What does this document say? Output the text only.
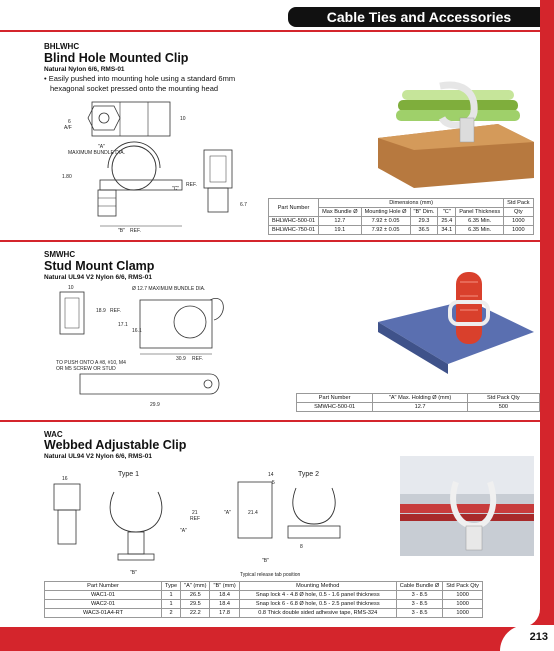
Cable Ties and Accessories
BHLWHC
Blind Hole Mounted Clip
Natural Nylon 6/6, RMS-01
• Easily pushed into mounting hole using a standard 6mm
hexagonal socket pressed onto the mounting head
6
A/F
10
"A"
MAXIMUM BUNDLE DIA.
1.80
"C"
REF.
"B" REF.
6.7	Part Number	Dimensions (mm)					Std Pack
	Max Bundle Ø	Mounting Hole Ø	"B" Dim.	"C"	Panel Thickness	Qty
BHLWHC-500-01	12.7	7.92 ± 0.05	29.3	25.4	6.35 Min.	1000
BHLWHC-750-01	19.1	7.92 ± 0.05	36.5	34.1	6.35 Min.	1000
SMWHC
Stud Mount Clamp
Natural UL94 V2 Nylon 6/6, RMS-01
10
18.9 REF.
17.1
16.1
Ø 12.7 MAXIMUM BUNDLE DIA.
30.9 REF.
TO PUSH ONTO A #8, #10, M4
OR M5 SCREW OR STUD
29.9
Part Number	"A" Max. Holding Ø (mm)	Std Pack Qty
SMWHC-500-01	12.7	500
WAC
Webbed Adjustable Clip
Natural UL94 V2 Nylon 6/6, RMS-01
Type 1	Type 2
16
21
REF
"A"
"B"
"A"	21.4
"B"
14
5
8
Typical release tab position
Part Number	Type	"A" (mm)	"B" (mm)	Mounting Method	Cable Bundle Ø	Std Pack Qty
WAC1-01	1	26.5	18.4	Snap lock 4 - 4.8 Ø hole, 0.5 - 1.6 panel thickness	3 - 8.5	1000
WAC2-01	1	29.5	18.4	Snap lock 6 - 6.8 Ø hole, 0.5 - 2.5 panel thickness	3 - 8.5	1000
WAC3-01A4-RT	2	22.2	17.8	0.8 Thick double sided adhesive tape, RMS-324	3 - 8.5	1000
213
